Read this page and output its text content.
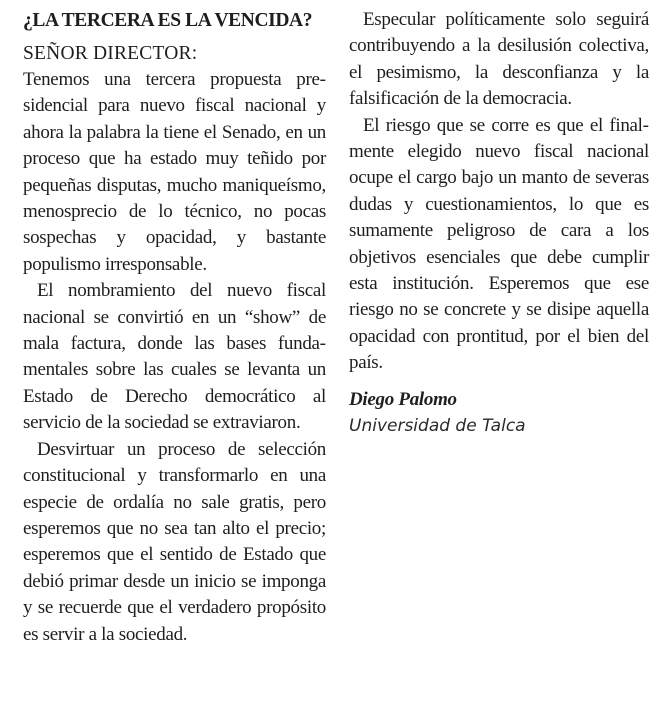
¿LA TERCERA ES LA VENCIDA?

SEÑOR DIRECTOR:

Tenemos una tercera propuesta presidencial para nuevo fiscal nacional y ahora la palabra la tiene el Senado, en un proceso que ha estado muy teñido por pequeñas disputas, mucho maniqueísmo, menosprecio de lo técnico, no pocas sospechas y opacidad, y bastante populismo irresponsable.

El nombramiento del nuevo fiscal nacional se convirtió en un “show” de mala factura, donde las bases fundamentales sobre las cuales se levanta un Estado de Derecho democrático al servicio de la sociedad se extraviaron.

Desvirtuar un proceso de selección constitucional y transformarlo en una especie de ordalía no sale gratis, pero esperemos que no sea tan alto el precio; esperemos que el sentido de Estado que debió primar desde un inicio se imponga y se recuerde que el verdadero propósito es servir a la sociedad.

Especular políticamente solo seguirá contribuyendo a la desilusión colectiva, el pesimismo, la desconfianza y la falsificación de la democracia.

El riesgo que se corre es que el finalmente elegido nuevo fiscal nacional ocupe el cargo bajo un manto de severas dudas y cuestionamientos, lo que es sumamente peligroso de cara a los objetivos esenciales que debe cumplir esta institución. Esperemos que ese riesgo no se concrete y se disipe aquella opacidad con prontitud, por el bien del país.

Diego Palomo

Universidad de Talca
